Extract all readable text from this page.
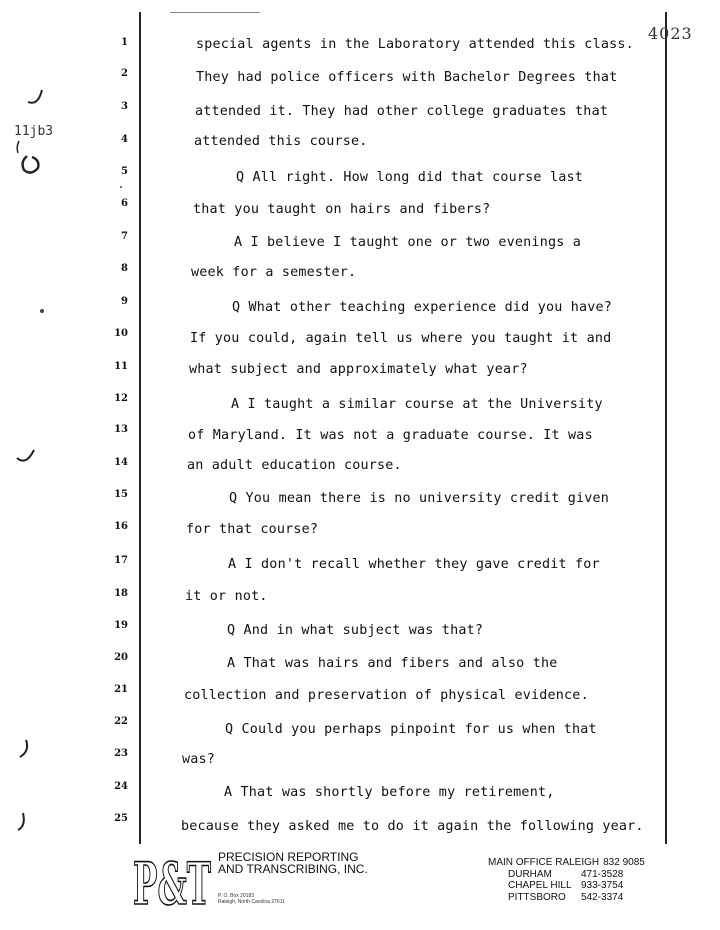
4023
11jb3
1
2
3
4
5
6
7
8
9
10
11
12
13
14
15
16
17
18
19
20
21
22
23
24
25
special agents in the Laboratory attended this class.
They had police officers with Bachelor Degrees that
attended it. They had other college graduates that
attended this course.
Q All right. How long did that course last
that you taught on hairs and fibers?
A I believe I taught one or two evenings a
week for a semester.
Q What other teaching experience did you have?
If you could, again tell us where you taught it and
what subject and approximately what year?
A I taught a similar course at the University
of Maryland. It was not a graduate course. It was
an adult education course.
Q You mean there is no university credit given
for that course?
A I don't recall whether they gave credit for
it or not.
Q And in what subject was that?
A That was hairs and fibers and also the
collection and preservation of physical evidence.
Q Could you perhaps pinpoint for us when that
was?
A That was shortly before my retirement,
because they asked me to do it again the following year.
P&T PRECISION REPORTING
AND TRANSCRIBING, INC.
P. O. Box 20183
Raleigh, North Carolina 27611
MAIN OFFICE RALEIGH 832 9085
DURHAM	471-3528
CHAPEL HILL 933-3754
PITTSBORO 542-3374
